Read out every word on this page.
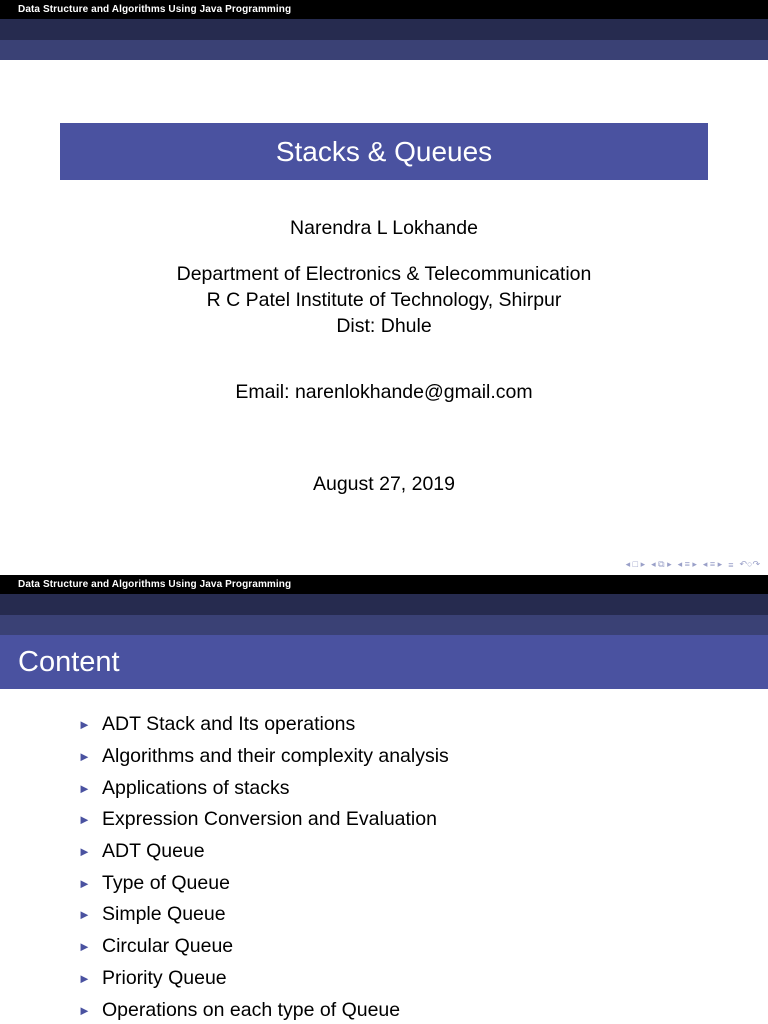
Data Structure and Algorithms Using Java Programming
Stacks & Queues
Narendra L Lokhande
Department of Electronics & Telecommunication
R C Patel Institute of Technology, Shirpur
Dist: Dhule
Email: narenlokhande@gmail.com
August 27, 2019
◂ □ ▸ ◂ ⧉ ▸ ◂ ≡ ▸ ◂ ≡ ▸ ≡ ↶○↷
Data Structure and Algorithms Using Java Programming
Content
► ADT Stack and Its operations
► Algorithms and their complexity analysis
► Applications of stacks
► Expression Conversion and Evaluation
► ADT Queue
► Type of Queue
► Simple Queue
► Circular Queue
► Priority Queue
► Operations on each type of Queue
